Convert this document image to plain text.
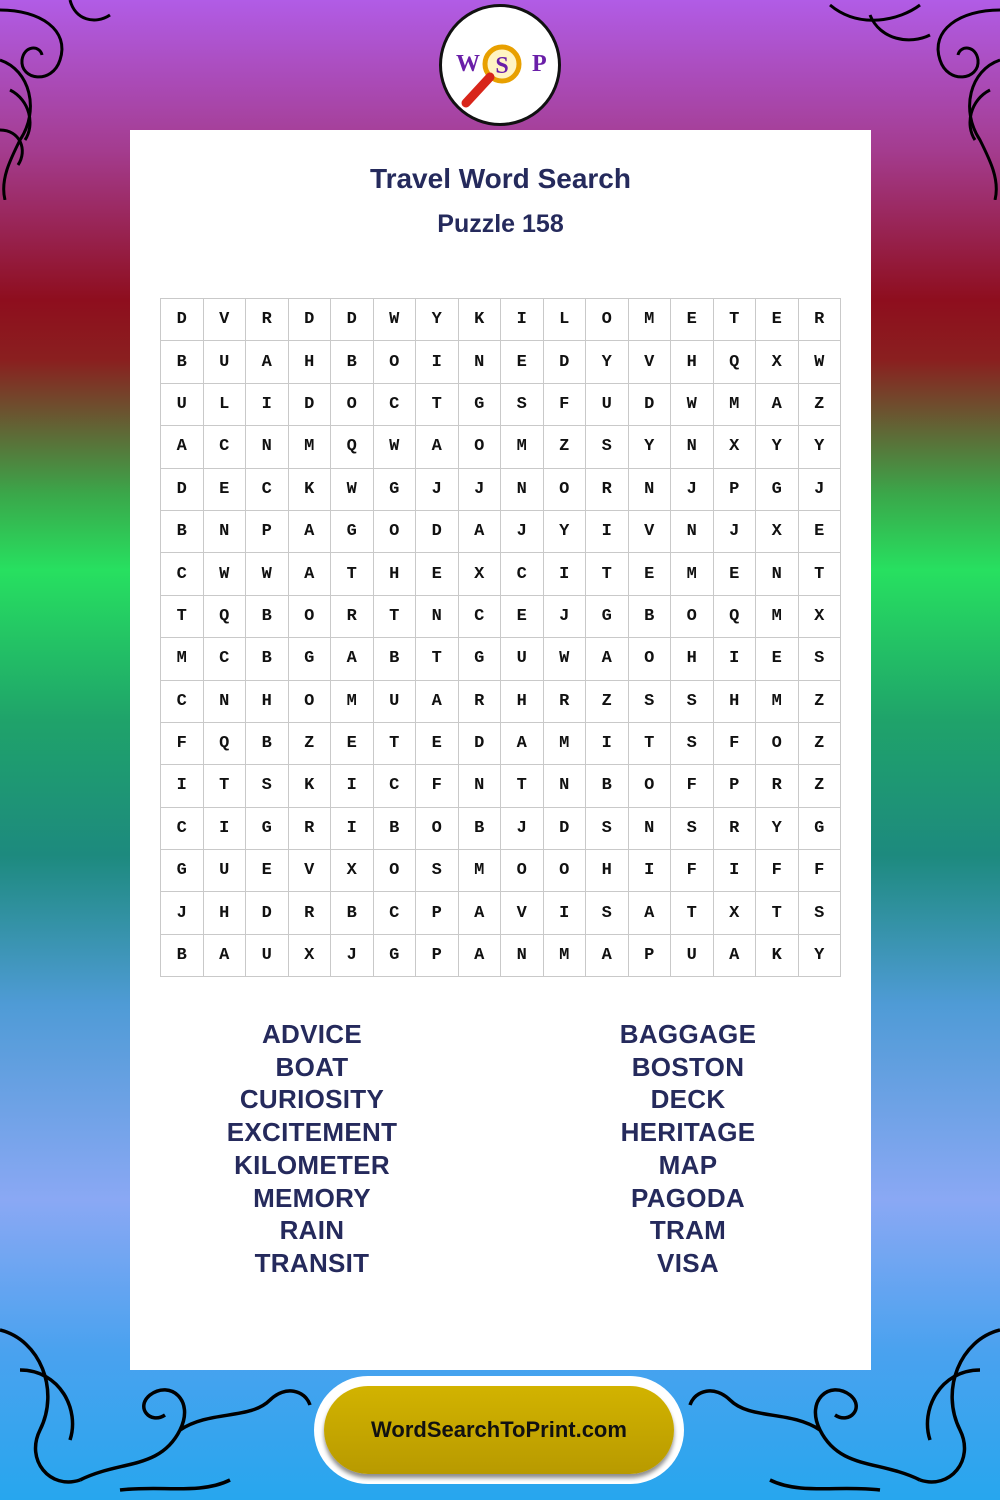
W S P
Travel Word Search
Puzzle 158
D	V	R	D	D	W	Y	K	I	L	O	M	E	T	E	R
B	U	A	H	B	O	I	N	E	D	Y	V	H	Q	X	W
U	L	I	D	O	C	T	G	S	F	U	D	W	M	A	Z
A	C	N	M	Q	W	A	O	M	Z	S	Y	N	X	Y	Y
D	E	C	K	W	G	J	J	N	O	R	N	J	P	G	J
B	N	P	A	G	O	D	A	J	Y	I	V	N	J	X	E
C	W	W	A	T	H	E	X	C	I	T	E	M	E	N	T
T	Q	B	O	R	T	N	C	E	J	G	B	O	Q	M	X
M	C	B	G	A	B	T	G	U	W	A	O	H	I	E	S
C	N	H	O	M	U	A	R	H	R	Z	S	S	H	M	Z
F	Q	B	Z	E	T	E	D	A	M	I	T	S	F	O	Z
I	T	S	K	I	C	F	N	T	N	B	O	F	P	R	Z
C	I	G	R	I	B	O	B	J	D	S	N	S	R	Y	G
G	U	E	V	X	O	S	M	O	O	H	I	F	I	F	F
J	H	D	R	B	C	P	A	V	I	S	A	T	X	T	S
B	A	U	X	J	G	P	A	N	M	A	P	U	A	K	Y
ADVICE
BOAT
CURIOSITY
EXCITEMENT
KILOMETER
MEMORY
RAIN
TRANSIT
BAGGAGE
BOSTON
DECK
HERITAGE
MAP
PAGODA
TRAM
VISA
WordSearchToPrint.com
